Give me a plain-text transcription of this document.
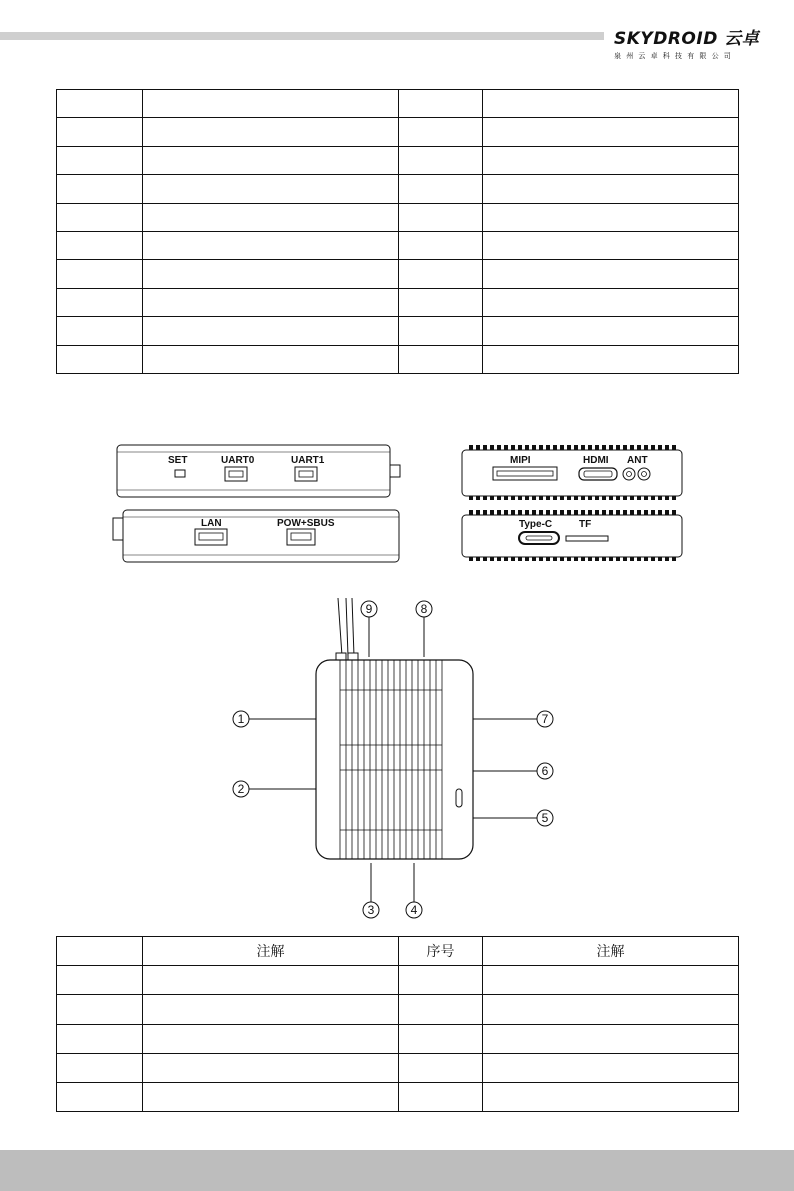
SKYDROID 云卓
泉州云卓科技有限公司

SET	UART0	UART1
LAN	POW+SBUS
MIPI	HDMI ANT
Type-C	TF
1
2
3	4
5
6
7
8
9
	注解	序号	注解
